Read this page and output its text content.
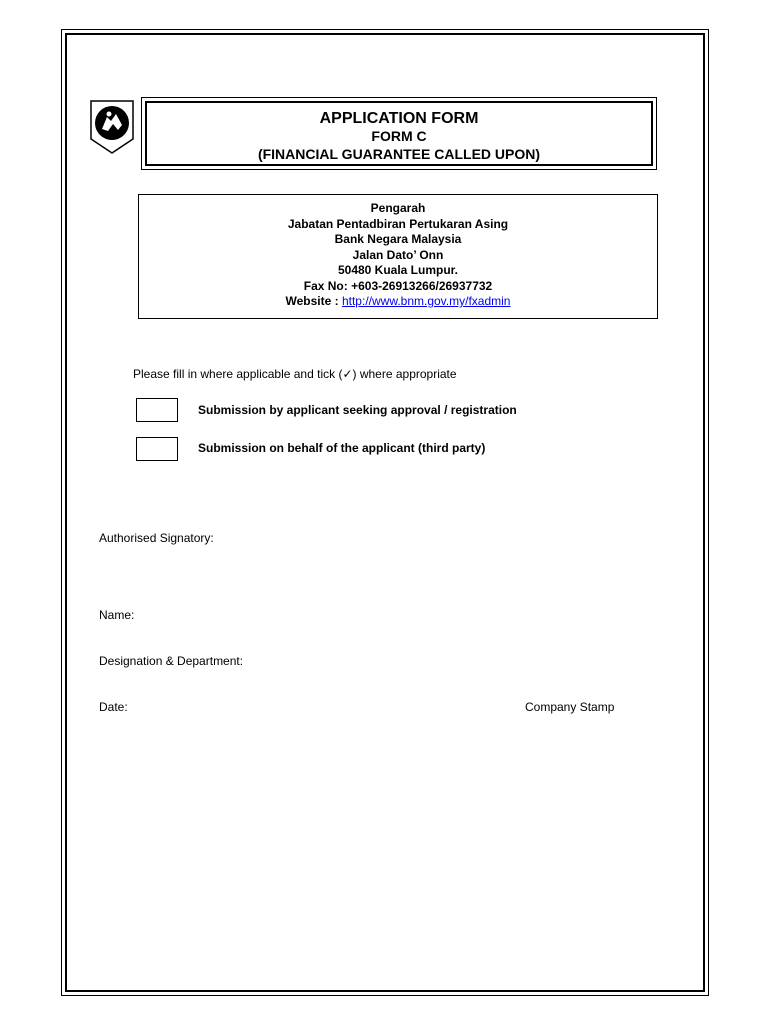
APPLICATION FORM
FORM C
(FINANCIAL GUARANTEE CALLED UPON)
Pengarah
Jabatan Pentadbiran Pertukaran Asing
Bank Negara Malaysia
Jalan Dato’ Onn
50480 Kuala Lumpur.
Fax No: +603-26913266/26937732
Website : http://www.bnm.gov.my/fxadmin
Please fill in where applicable and tick (✓) where appropriate
Submission by applicant seeking approval / registration
Submission on behalf of the applicant (third party)
Authorised Signatory:
Name:
Designation & Department:
Date:	Company Stamp
